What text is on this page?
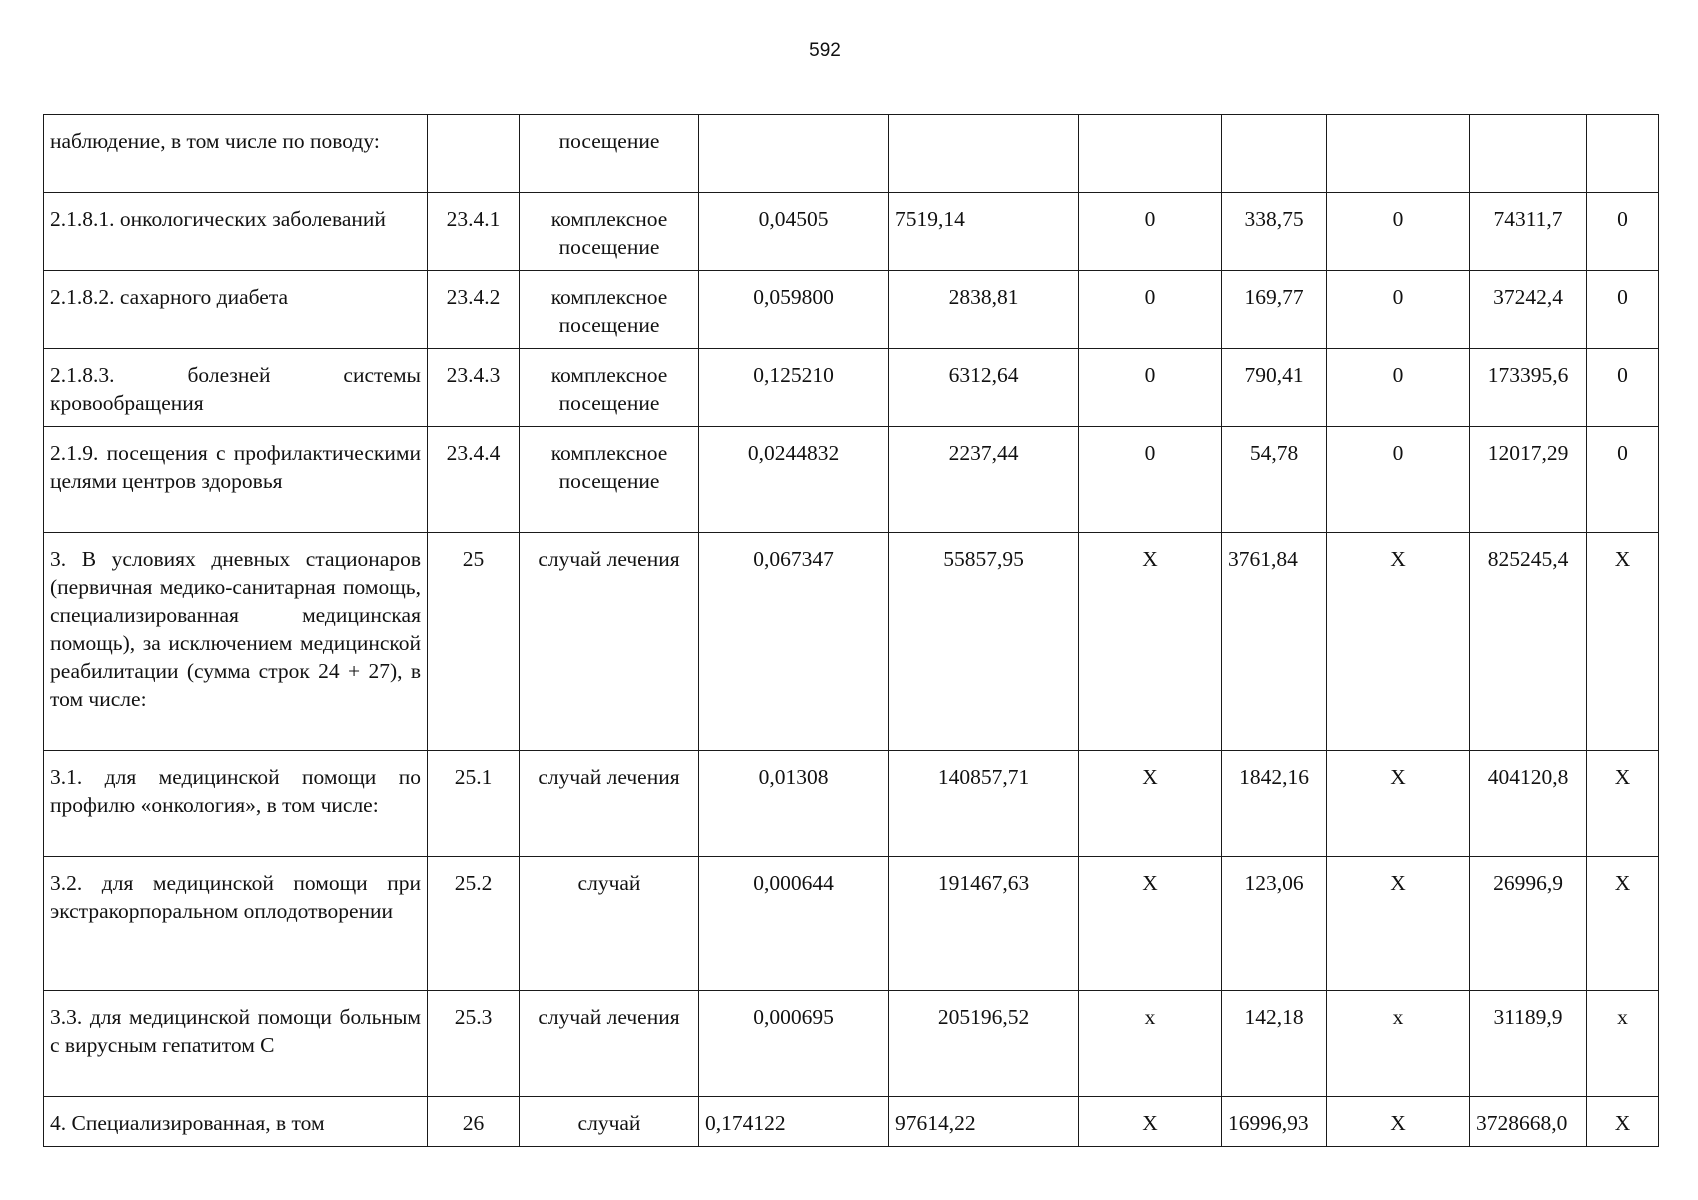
592
наблюдение, в том числе по поводу:		посещение							
2.1.8.1. онкологических заболеваний	23.4.1	комплексное посещение	0,04505	7519,14	0	338,75	0	74311,7	0
2.1.8.2. сахарного диабета	23.4.2	комплексное посещение	0,059800	2838,81	0	169,77	0	37242,4	0
2.1.8.3. болезней системы кровообращения	23.4.3	комплексное посещение	0,125210	6312,64	0	790,41	0	173395,6	0
2.1.9. посещения с профилактическими целями центров здоровья	23.4.4	комплексное посещение	0,0244832	2237,44	0	54,78	0	12017,29	0
3. В условиях дневных стационаров (первичная медико-санитарная помощь, специализированная медицинская помощь), за исключением медицинской реабилитации (сумма строк 24 + 27), в том числе:	25	случай лечения	0,067347	55857,95	Х	3761,84	Х	825245,4	Х
3.1. для медицинской помощи по профилю «онкология», в том числе:	25.1	случай лечения	0,01308	140857,71	Х	1842,16	Х	404120,8	Х
3.2. для медицинской помощи при экстракорпоральном оплодотворении	25.2	случай	0,000644	191467,63	Х	123,06	Х	26996,9	Х
3.3. для медицинской помощи больным с вирусным гепатитом С	25.3	случай лечения	0,000695	205196,52	х	142,18	х	31189,9	х
4. Специализированная, в том	26	случай	0,174122	97614,22	Х	16996,93	Х	3728668,0	Х
